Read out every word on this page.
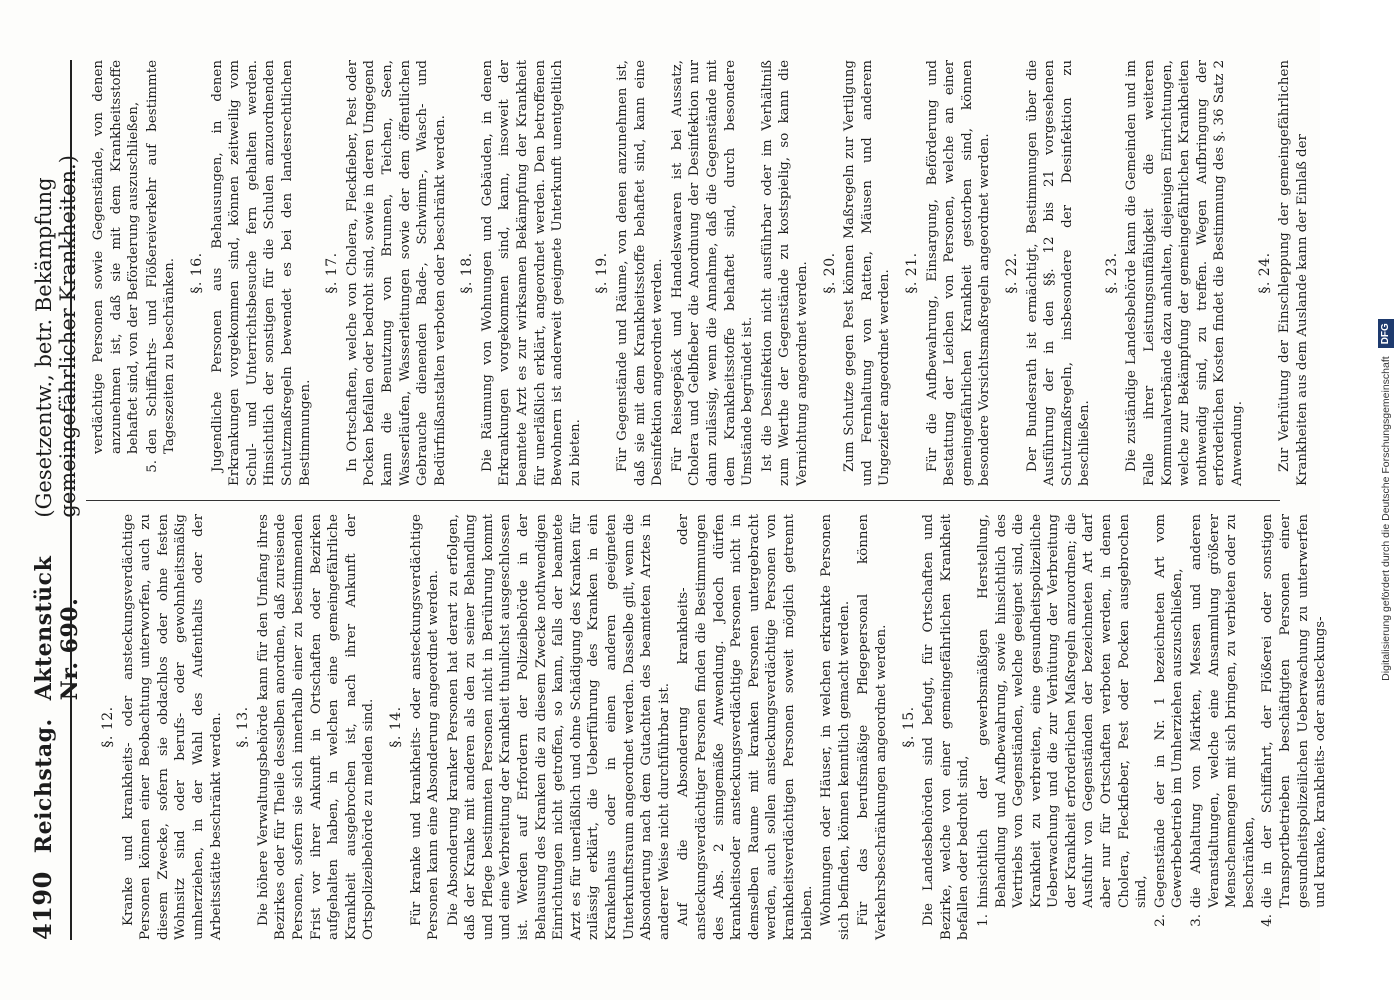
4190
Reichstag.
Aktenstück Nr. 690.
(Gesetzentw., betr. Bekämpfung gemeingefährlicher Krankheiten.)
§. 12. Kranke und krankheits- oder ansteckungsverdächtige Personen können einer Beobachtung unterworfen, auch zu diesem Zwecke, sofern sie obdachlos oder ohne festen Wohnsitz sind oder berufs- oder gewohnheitsmäßig umherziehen, in der Wahl des Aufenthalts oder der Arbeitsstätte beschränkt werden. §. 13. Die höhere Verwaltungsbehörde kann für den Umfang ihres Bezirkes oder für Theile desselben anordnen, daß zureisende Personen, sofern sie sich innerhalb einer zu bestimmenden Frist vor ihrer Ankunft in Ortschaften oder Bezirken aufgehalten haben, in welchen eine gemeingefährliche Krankheit ausgebrochen ist, nach ihrer Ankunft der Ortspolizeibehörde zu melden sind. §. 14. Für kranke und krankheits- oder ansteckungsverdächtige Personen kann eine Absonderung angeordnet werden. Die Absonderung kranker Personen hat derart zu erfolgen, daß der Kranke mit anderen als den zu seiner Behandlung und Pflege bestimmten Personen nicht in Berührung kommt und eine Verbreitung der Krankheit thunlichst ausgeschlossen ist. Werden auf Erfordern der Polizeibehörde in der Behausung des Kranken die zu diesem Zwecke nothwendigen Einrichtungen nicht getroffen, so kann, falls der beamtete Arzt es für unerläßlich und ohne Schädigung des Kranken für zulässig erklärt, die Ueberführung des Kranken in ein Krankenhaus oder in einen anderen geeigneten Unterkunftsraum angeordnet werden. Dasselbe gilt, wenn die Absonderung nach dem Gutachten des beamteten Arztes in anderer Weise nicht durchführbar ist. Auf die Absonderung krankheits- oder ansteckungsverdächtiger Personen finden die Bestimmungen des Abs. 2 sinngemäße Anwendung. Jedoch dürfen krankheitsoder ansteckungsverdächtige Personen nicht in demselben Raume mit kranken Personen untergebracht werden, auch sollen ansteckungsverdächtige Personen von krankheitsverdächtigen Personen soweit möglich getrennt bleiben. Wohnungen oder Häuser, in welchen erkrankte Personen sich befinden, können kenntlich gemacht werden. Für das berufsmäßige Pflegepersonal können Verkehrsbeschränkungen angeordnet werden. §. 15. Die Landesbehörden sind befugt, für Ortschaften und Bezirke, welche von einer gemeingefährlichen Krankheit befallen oder bedroht sind, 1.
hinsichtlich der gewerbsmäßigen Herstellung, Behandlung und Aufbewahrung, sowie hinsichtlich des Vertriebs von Gegenständen, welche geeignet sind, die Krankheit zu verbreiten, eine gesundheitspolizeiliche Ueberwachung und die zur Verhütung der Verbreitung der Krankheit erforderlichen Maßregeln anzuordnen; die Ausfuhr von Gegenständen der bezeichneten Art darf aber nur für Ortschaften verboten werden, in denen Cholera, Fleckfieber, Pest oder Pocken ausgebrochen sind,
2.
Gegenstände der in Nr. 1 bezeichneten Art vom Gewerbebetrieb im Umherziehen auszuschließen,
3.
die Abhaltung von Märkten, Messen und anderen Veranstaltungen, welche eine Ansammlung größerer Menschenmengen mit sich bringen, zu verbieten oder zu beschränken,
4.
die in der Schiffahrt, der Flößerei oder sonstigen Transportbetrieben beschäftigten Personen einer gesundheitspolizeilichen Ueberwachung zu unterwerfen und kranke, krankheits- oder ansteckungs-
verdächtige Personen sowie Gegenstände, von denen anzunehmen ist, daß sie mit dem Krankheitsstoffe behaftet sind, von der Beförderung auszuschließen,
5.
den Schiffahrts- und Flößereiverkehr auf bestimmte Tageszeiten zu beschränken. §. 16. Jugendliche Personen aus Behausungen, in denen Erkrankungen vorgekommen sind, können zeitweilig vom Schul- und Unterrichtsbesuche fern gehalten werden. Hinsichtlich der sonstigen für die Schulen anzuordnenden Schutzmaßregeln bewendet es bei den landesrechtlichen Bestimmungen.

§. 17. In Ortschaften, welche von Cholera, Fleckfieber, Pest oder Pocken befallen oder bedroht sind, sowie in deren Umgegend kann die Benutzung von Brunnen, Teichen, Seen, Wasserläufen, Wasserleitungen sowie der dem öffentlichen Gebrauche dienenden Bade-, Schwimm-, Wasch- und Bedürfnißanstalten verboten oder beschränkt werden. §. 18. Die Räumung von Wohnungen und Gebäuden, in denen Erkrankungen vorgekommen sind, kann, insoweit der beamtete Arzt es zur wirksamen Bekämpfung der Krankheit für unerläßlich erklärt, angeordnet werden. Den betroffenen Bewohnern ist anderweit geeignete Unterkunft unentgeltlich zu bieten.

§. 19. Für Gegenstände und Räume, von denen anzunehmen ist, daß sie mit dem Krankheitsstoffe behaftet sind, kann eine Desinfektion angeordnet werden. Für Reisegepäck und Handelswaaren ist bei Aussatz, Cholera und Gelbfieber die Anordnung der Desinfektion nur dann zulässig, wenn die Annahme, daß die Gegenstände mit dem Krankheitsstoffe behaftet sind, durch besondere Umstände begründet ist. Ist die Desinfektion nicht ausführbar oder im Verhältniß zum Werthe der Gegenstände zu kostspielig, so kann die Vernichtung angeordnet werden. §. 20. Zum Schutze gegen Pest können Maßregeln zur Vertilgung und Fernhaltung von Ratten, Mäusen und anderem Ungeziefer angeordnet werden. §. 21. Für die Aufbewahrung, Einsargung, Beförderung und Bestattung der Leichen von Personen, welche an einer gemeingefährlichen Krankheit gestorben sind, können besondere Vorsichtsmaßregeln angeordnet werden. §. 22. Der Bundesrath ist ermächtigt, Bestimmungen über die Ausführung der in den §§. 12 bis 21 vorgesehenen Schutzmaßregeln, insbesondere der Desinfektion zu beschließen.

§. 23. Die zuständige Landesbehörde kann die Gemeinden und im Falle ihrer Leistungsunfähigkeit die weiteren Kommunalverbände dazu anhalten, diejenigen Einrichtungen, welche zur Bekämpfung der gemeingefährlichen Krankheiten nothwendig sind, zu treffen. Wegen Aufbringung der erforderlichen Kosten findet die Bestimmung des §. 36 Satz 2 Anwendung.

§. 24. Zur Verhütung der Einschleppung der gemeingefährlichen Krankheiten aus dem Auslande kann der Einlaß der

Digitalisierung gefördert durch die Deutsche Forschungsgemeinschaft
DFG
